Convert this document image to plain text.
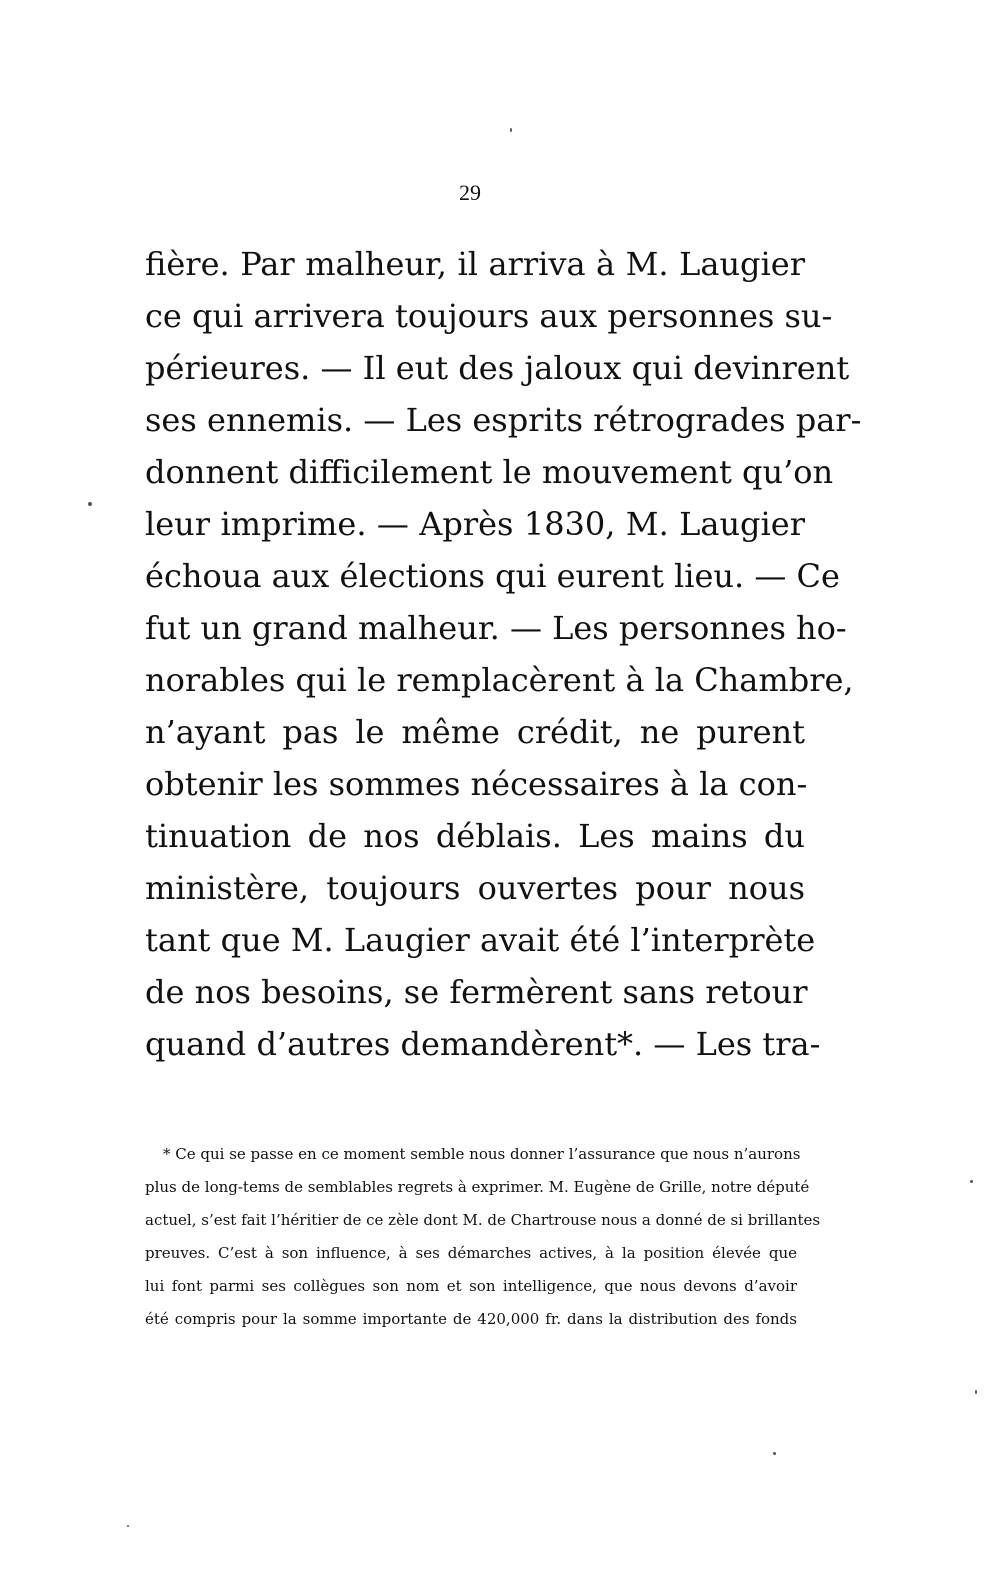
29
fière. Par malheur, il arriva à M. Laugier
ce qui arrivera toujours aux personnes su-
périeures. — Il eut des jaloux qui devinrent
ses ennemis. — Les esprits rétrogrades par-
donnent difficilement le mouvement qu’on
leur imprime. — Après 1830, M. Laugier
échoua aux élections qui eurent lieu. — Ce
fut un grand malheur. — Les personnes ho-
norables qui le remplacèrent à la Chambre,
n’ayant pas le même crédit, ne purent
obtenir les sommes nécessaires à la con-
tinuation de nos déblais. Les mains du
ministère, toujours ouvertes pour nous
tant que M. Laugier avait été l’interprète
de nos besoins, se fermèrent sans retour
quand d’autres demandèrent*. — Les tra-
* Ce qui se passe en ce moment semble nous donner l’assurance que nous n’aurons
plus de long-tems de semblables regrets à exprimer. M. Eugène de Grille, notre député
actuel, s’est fait l’héritier de ce zèle dont M. de Chartrouse nous a donné de si brillantes
preuves. C’est à son influence, à ses démarches actives, à la position élevée que
lui font parmi ses collègues son nom et son intelligence, que nous devons d’avoir
été compris pour la somme importante de 420,000 fr. dans la distribution des fonds
